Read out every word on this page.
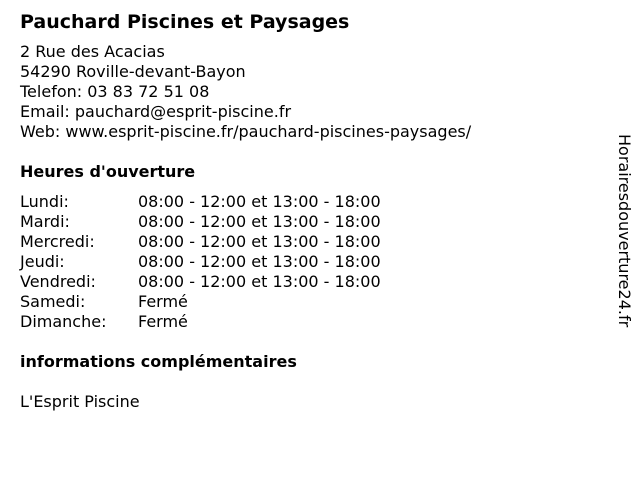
Pauchard Piscines et Paysages
2 Rue des Acacias
54290 Roville-devant-Bayon
Telefon: 03 83 72 51 08
Email: pauchard@esprit-piscine.fr
Web: www.esprit-piscine.fr/pauchard-piscines-paysages/
Heures d'ouverture
Lundi:	08:00 - 12:00 et 13:00 - 18:00
Mardi:	08:00 - 12:00 et 13:00 - 18:00
Mercredi:	08:00 - 12:00 et 13:00 - 18:00
Jeudi:	08:00 - 12:00 et 13:00 - 18:00
Vendredi:	08:00 - 12:00 et 13:00 - 18:00
Samedi:	Fermé
Dimanche:	Fermé
informations complémentaires
L'Esprit Piscine
Horairesdouverture24.fr
